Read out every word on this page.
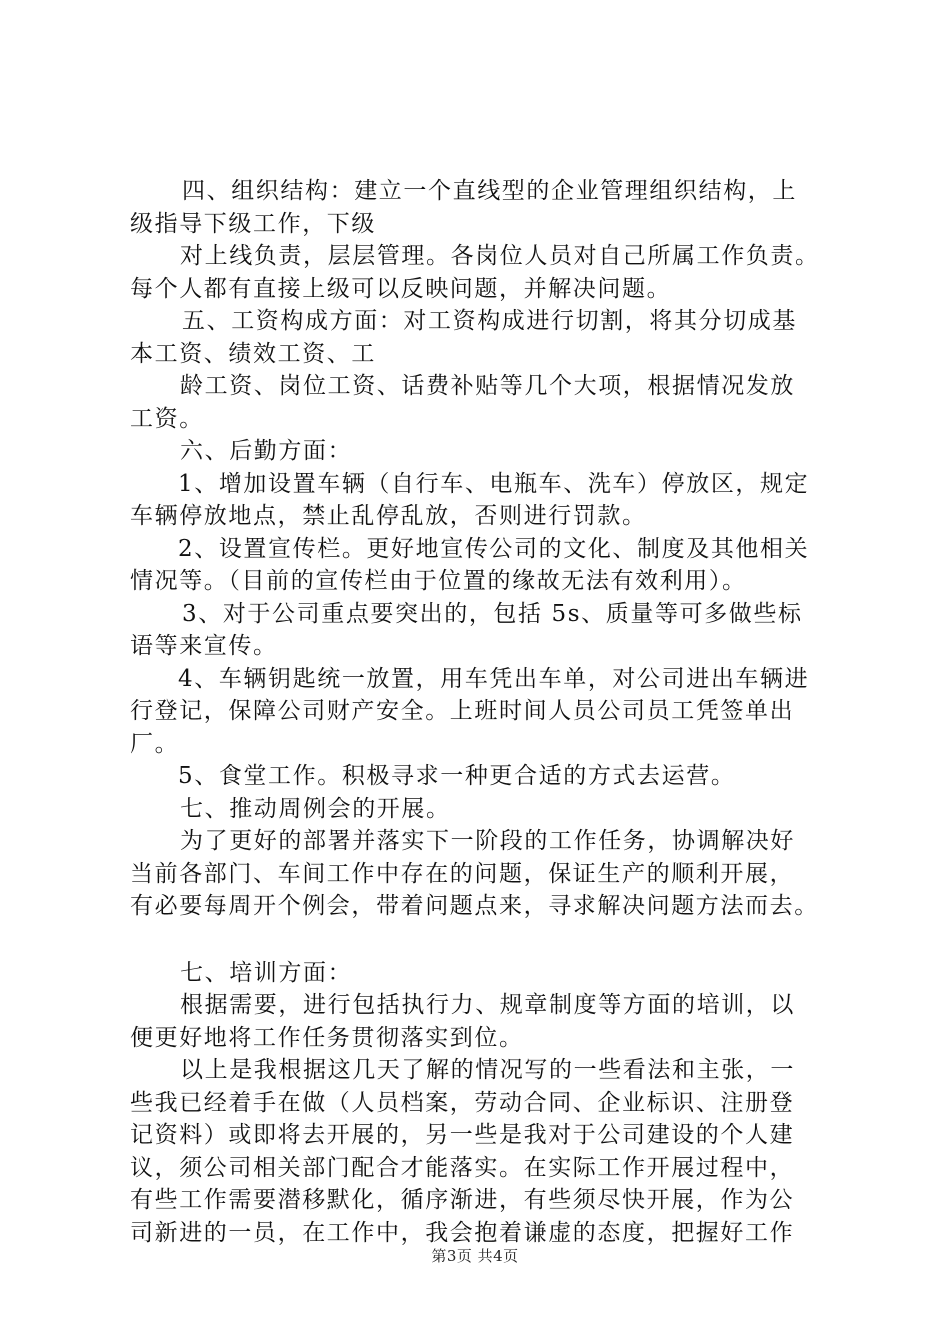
四、组织结构：建立一个直线型的企业管理组织结构，上
级指导下级工作，下级
对上线负责，层层管理。各岗位人员对自己所属工作负责。
每个人都有直接上级可以反映问题，并解决问题。
五、工资构成方面：对工资构成进行切割，将其分切成基
本工资、绩效工资、工
龄工资、岗位工资、话费补贴等几个大项，根据情况发放
工资。
六、后勤方面：
1、增加设置车辆（自行车、电瓶车、洗车）停放区，规定
车辆停放地点，禁止乱停乱放，否则进行罚款。
2、设置宣传栏。更好地宣传公司的文化、制度及其他相关
情况等。（目前的宣传栏由于位置的缘故无法有效利用）。
3、对于公司重点要突出的，包括 5s、质量等可多做些标
语等来宣传。
4、车辆钥匙统一放置，用车凭出车单，对公司进出车辆进
行登记，保障公司财产安全。上班时间人员公司员工凭签单出
厂。
5、食堂工作。积极寻求一种更合适的方式去运营。
七、推动周例会的开展。
为了更好的部署并落实下一阶段的工作任务，协调解决好
当前各部门、车间工作中存在的问题，保证生产的顺利开展，
有必要每周开个例会，带着问题点来，寻求解决问题方法而去。
七、培训方面：
根据需要，进行包括执行力、规章制度等方面的培训，以
便更好地将工作任务贯彻落实到位。
以上是我根据这几天了解的情况写的一些看法和主张，一
些我已经着手在做（人员档案，劳动合同、企业标识、注册登
记资料）或即将去开展的，另一些是我对于公司建设的个人建
议，须公司相关部门配合才能落实。在实际工作开展过程中，
有些工作需要潜移默化，循序渐进，有些须尽快开展，作为公
司新进的一员，在工作中，我会抱着谦虚的态度，把握好工作
第3页 共4页
